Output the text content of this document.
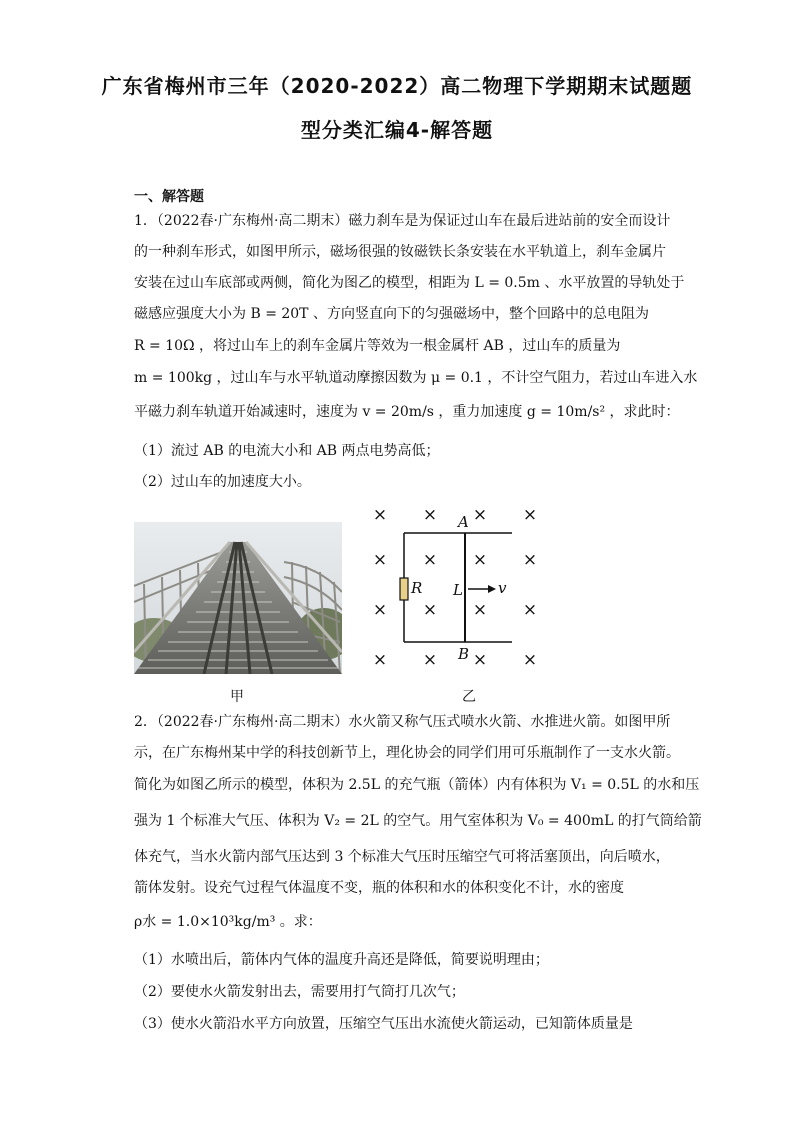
广东省梅州市三年（2020-2022）高二物理下学期期末试题题
型分类汇编4-解答题
一、解答题
1．（2022春·广东梅州·高二期末）磁力刹车是为保证过山车在最后进站前的安全而设计
的一种刹车形式，如图甲所示，磁场很强的钕磁铁长条安装在水平轨道上，刹车金属片
安装在过山车底部或两侧，简化为图乙的模型，相距为 L = 0.5m 、水平放置的导轨处于
磁感应强度大小为 B = 20T 、方向竖直向下的匀强磁场中，整个回路中的总电阻为
R = 10Ω ，将过山车上的刹车金属片等效为一根金属杆 AB ，过山车的质量为
m = 100kg ，过山车与水平轨道动摩擦因数为 μ = 0.1 ，不计空气阻力，若过山车进入水
平磁力刹车轨道开始减速时，速度为 v = 20m/s ，重力加速度 g = 10m/s² ，求此时：
（1）流过 AB 的电流大小和 AB 两点电势高低；
（2）过山车的加速度大小。
甲
× × × ×
× × × ×
× × × ×
× × × ×
A
B
R L v
乙
2．（2022春·广东梅州·高二期末）水火箭又称气压式喷水火箭、水推进火箭。如图甲所
示，在广东梅州某中学的科技创新节上，理化协会的同学们用可乐瓶制作了一支水火箭。
简化为如图乙所示的模型，体积为 2.5L 的充气瓶（箭体）内有体积为 V₁ = 0.5L 的水和压
强为 1 个标准大气压、体积为 V₂ = 2L 的空气。用气室体积为 V₀ = 400mL 的打气筒给箭
体充气，当水火箭内部气压达到 3 个标准大气压时压缩空气可将活塞顶出，向后喷水，
箭体发射。设充气过程气体温度不变，瓶的体积和水的体积变化不计，水的密度
ρ水 = 1.0×10³kg/m³ 。求：
（1）水喷出后，箭体内气体的温度升高还是降低，简要说明理由；
（2）要使水火箭发射出去，需要用打气筒打几次气；
（3）使水火箭沿水平方向放置，压缩空气压出水流使火箭运动，已知箭体质量是
